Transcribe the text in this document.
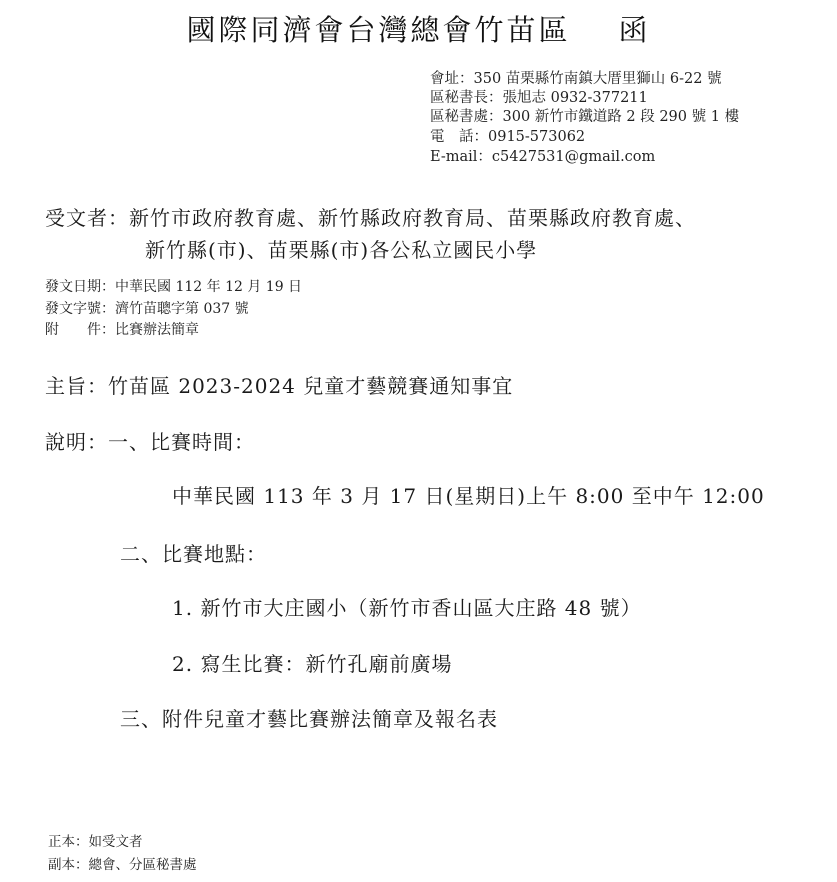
國際同濟會台灣總會竹苗區 函
會址：350 苗栗縣竹南鎮大厝里獅山 6-22 號
區秘書長：張旭志 0932-377211
區秘書處：300 新竹市鐵道路 2 段 290 號 1 樓
電　話：0915-573062
E-mail：c5427531@gmail.com
受文者：新竹市政府教育處、新竹縣政府教育局、苗栗縣政府教育處、
新竹縣(市)、苗栗縣(市)各公私立國民小學
發文日期：中華民國 112 年 12 月 19 日
發文字號：濟竹苗聰字第 037 號
附　　件：比賽辦法簡章
主旨：竹苗區 2023-2024 兒童才藝競賽通知事宜
說明：一、比賽時間：
中華民國 113 年 3 月 17 日(星期日)上午 8:00 至中午 12:00
二、比賽地點：
1. 新竹市大庄國小（新竹市香山區大庄路 48 號）
2. 寫生比賽：新竹孔廟前廣場
三、附件兒童才藝比賽辦法簡章及報名表
正本：如受文者
副本：總會、分區秘書處
